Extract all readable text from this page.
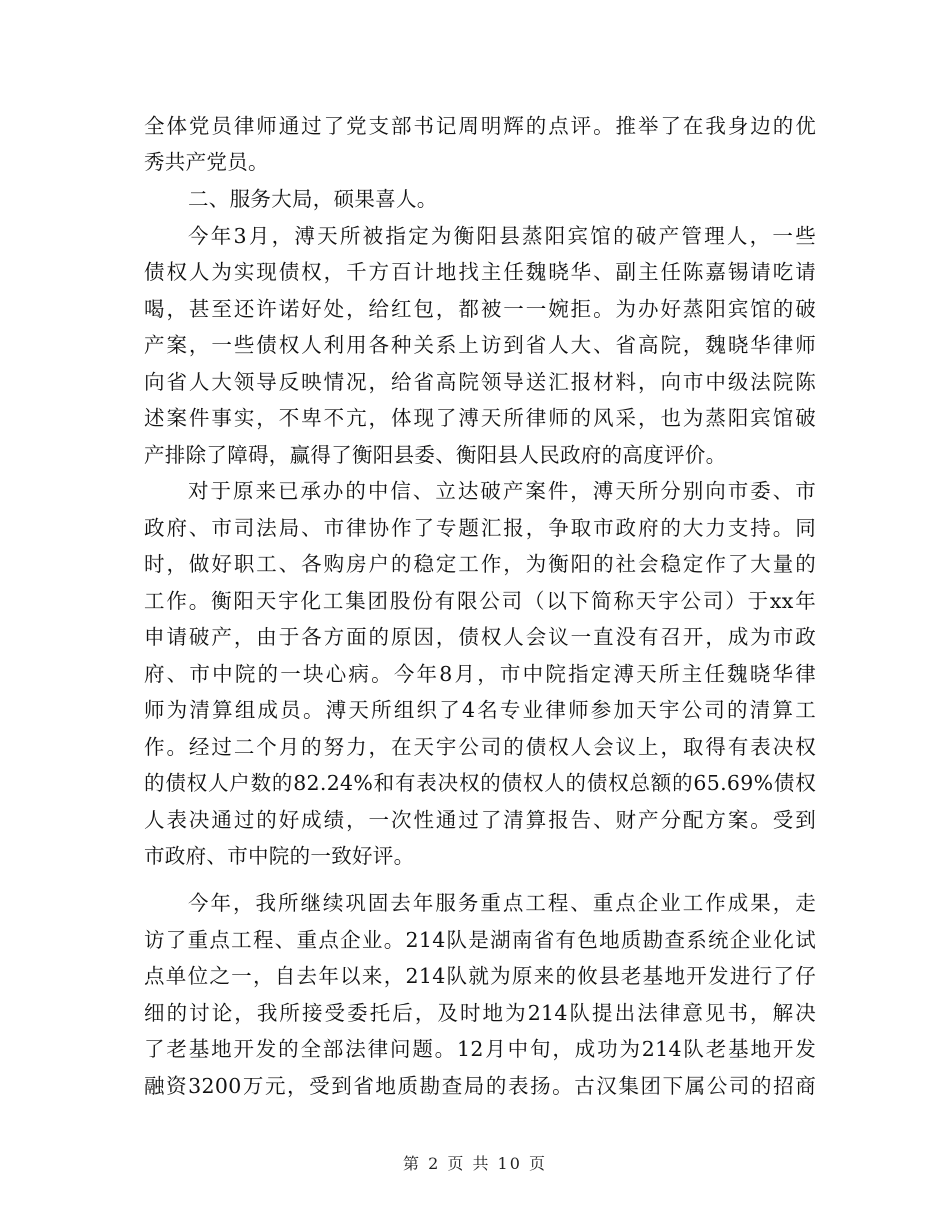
全体党员律师通过了党支部书记周明辉的点评。推举了在我身边的优
秀共产党员。
二、服务大局，硕果喜人。
今年3月，溥天所被指定为衡阳县蒸阳宾馆的破产管理人，一些
债权人为实现债权，千方百计地找主任魏晓华、副主任陈嘉锡请吃请
喝，甚至还许诺好处，给红包，都被一一婉拒。为办好蒸阳宾馆的破
产案，一些债权人利用各种关系上访到省人大、省高院，魏晓华律师
向省人大领导反映情况，给省高院领导送汇报材料，向市中级法院陈
述案件事实，不卑不亢，体现了溥天所律师的风采，也为蒸阳宾馆破
产排除了障碍，赢得了衡阳县委、衡阳县人民政府的高度评价。
对于原来已承办的中信、立达破产案件，溥天所分别向市委、市
政府、市司法局、市律协作了专题汇报，争取市政府的大力支持。同
时，做好职工、各购房户的稳定工作，为衡阳的社会稳定作了大量的
工作。衡阳天宇化工集团股份有限公司（以下简称天宇公司）于xx年
申请破产，由于各方面的原因，债权人会议一直没有召开，成为市政
府、市中院的一块心病。今年8月，市中院指定溥天所主任魏晓华律
师为清算组成员。溥天所组织了4名专业律师参加天宇公司的清算工
作。经过二个月的努力，在天宇公司的债权人会议上，取得有表决权
的债权人户数的82.24%和有表决权的债权人的债权总额的65.69%债权
人表决通过的好成绩，一次性通过了清算报告、财产分配方案。受到
市政府、市中院的一致好评。
今年，我所继续巩固去年服务重点工程、重点企业工作成果，走
访了重点工程、重点企业。214队是湖南省有色地质勘查系统企业化试
点单位之一，自去年以来，214队就为原来的攸县老基地开发进行了仔
细的讨论，我所接受委托后，及时地为214队提出法律意见书，解决
了老基地开发的全部法律问题。12月中旬，成功为214队老基地开发
融资3200万元，受到省地质勘查局的表扬。古汉集团下属公司的招商
第 2 页 共 10 页
